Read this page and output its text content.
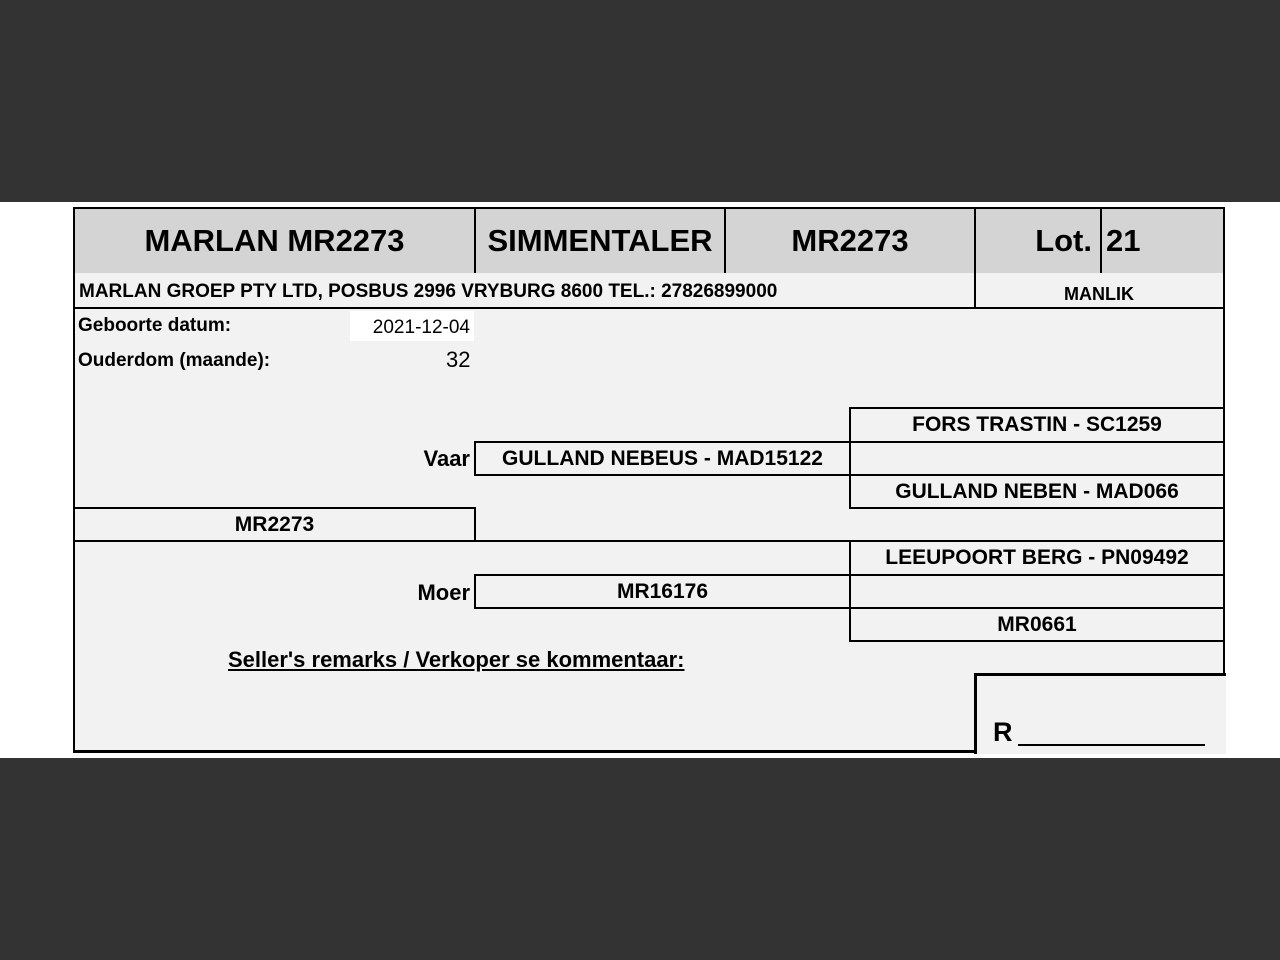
MARLAN MR2273	SIMMENTALER	MR2273	Lot. 21
MARLAN GROEP PTY LTD, POSBUS 2996 VRYBURG 8600 TEL.: 27826899000	MANLIK
Geboorte datum:	2021-12-04
Ouderdom (maande):	32
FORS TRASTIN - SC1259
Vaar GULLAND NEBEUS - MAD15122
GULLAND NEBEN - MAD066
MR2273
LEEUPOORT BERG - PN09492
Moer	MR16176
MR0661
Seller's remarks / Verkoper se kommentaar:
R
